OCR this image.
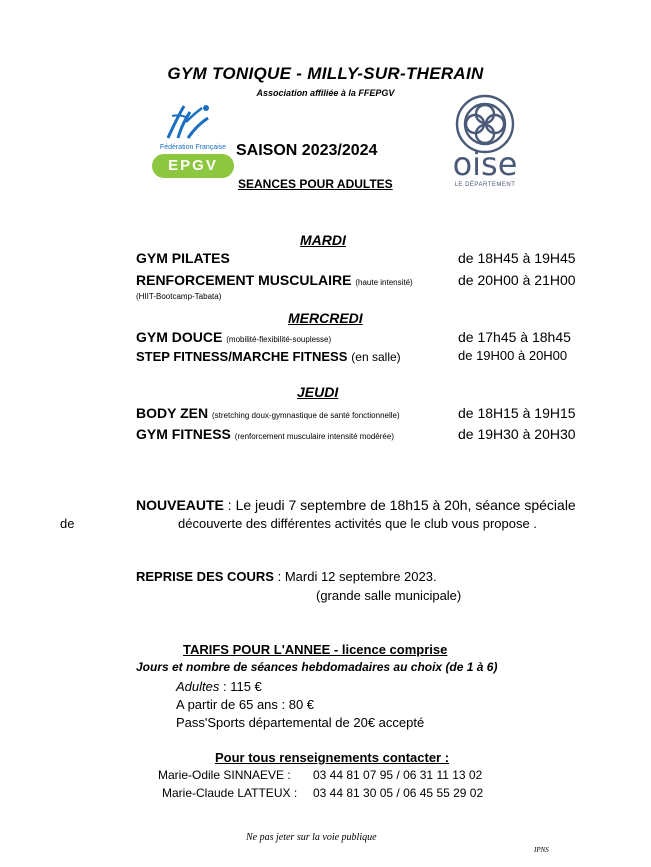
GYM TONIQUE - MILLY-SUR-THERAIN
Association affiliée à la FFEPGV
Fédération Française
EPGV	oise
LE DÉPARTEMENT
SAISON 2023/2024
SEANCES POUR ADULTES
MARDI
GYM PILATES	de 18H45 à 19H45
RENFORCEMENT MUSCULAIRE (haute intensité)	de 20H00 à 21H00
(HIIT-Bootcamp-Tabata)
MERCREDI
GYM DOUCE (mobilité-flexibilité-souplesse)	de 17h45 à 18h45
STEP FITNESS/MARCHE FITNESS (en salle)	de 19H00 à 20H00
JEUDI
BODY ZEN (stretching doux-gymnastique de santé fonctionnelle)	de 18H15 à 19H15
GYM FITNESS (renforcement musculaire intensité modérée)	de 19H30 à 20H30
NOUVEAUTE : Le jeudi 7 septembre de 18h15 à 20h, séance spéciale
de	découverte des différentes activités que le club vous propose .
REPRISE DES COURS : Mardi 12 septembre 2023.
(grande salle municipale)
TARIFS POUR L'ANNEE - licence comprise
Jours et nombre de séances hebdomadaires au choix (de 1 à 6)
Adultes : 115 €
A partir de 65 ans : 80 €
Pass'Sports départemental de 20€ accepté
Pour tous renseignements contacter :
Marie-Odile SINNAEVE : 03 44 81 07 95 / 06 31 11 13 02
Marie-Claude LATTEUX : 03 44 81 30 05 / 06 45 55 29 02
Ne pas jeter sur la voie publique
IPNS
